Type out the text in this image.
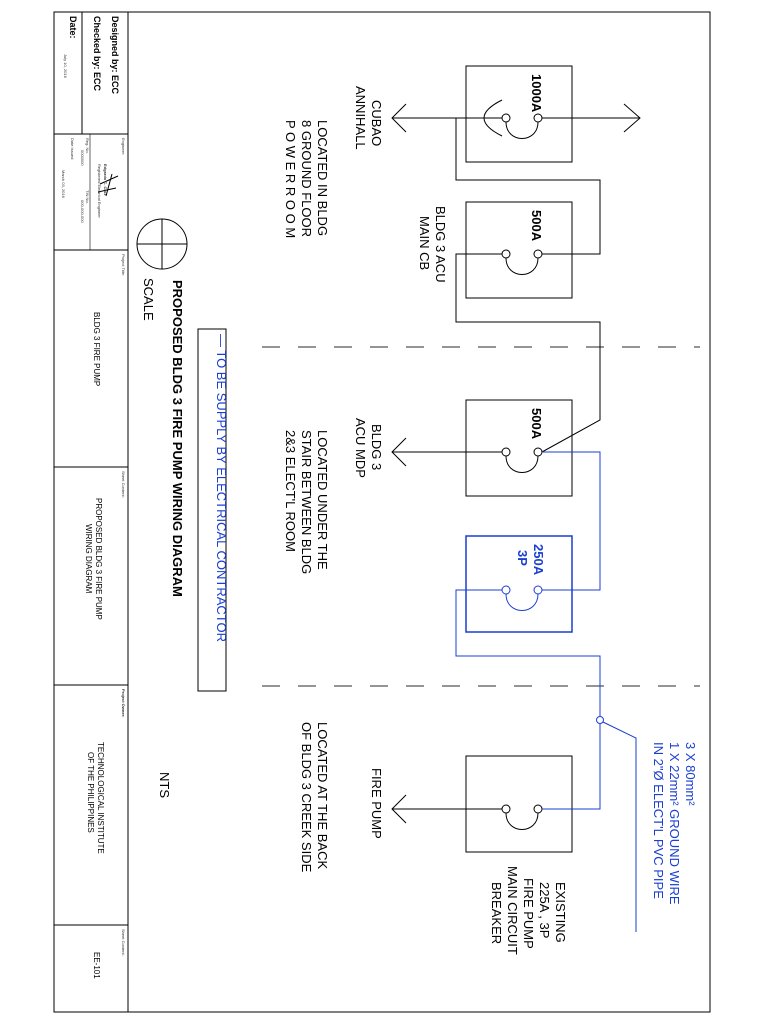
1000A
500A
500A
250A
3P
CUBAO
ANNIHALL
BLDG 3 ACU
MAIN CB
BLDG 3
ACU MDP
FIRE PUMP
EXISTING
225A , 3P
FIRE PUMP
MAIN CIRCUIT
BREAKER
3 X 80mm²
1 X 22mm² GROUND WIRE
IN 2"Ø ELECT'L PVC PIPE
LOCATED IN BLDG
8 GROUND FLOOR
P O W E R R O O M
LOCATED UNDER THE
STAIR BETWEEN BLDG
2&3 ELECT'L ROOM
LOCATED AT THE BACK
OF BLDG 3 CREEK SIDE
— TO BE SUPPLY BY ELECTRICAL CONTRACTOR
PROPOSED BLDG 3 FIRE PUMP WIRING DIAGRAM
SCALE
NTS
Designed by: ECC
Checked by: ECC
Date:
July 10, 2016
Engineer:
Edgardo C. Cruz
Registered Electrical Engineer
Reg. No.
0000000
TIN No.
000-000-000
Date Issued
March 03, 2016
Project Title:
BLDG 3 FIRE PUMP
Sheet Content:
PROPOSED BLDG 3 FIRE PUMP
WIRING DIAGRAM
Project Owner:
TECHNOLOGICAL INSTITUTE
OF THE PHILIPPINES
Sheet Content:
EE-101
